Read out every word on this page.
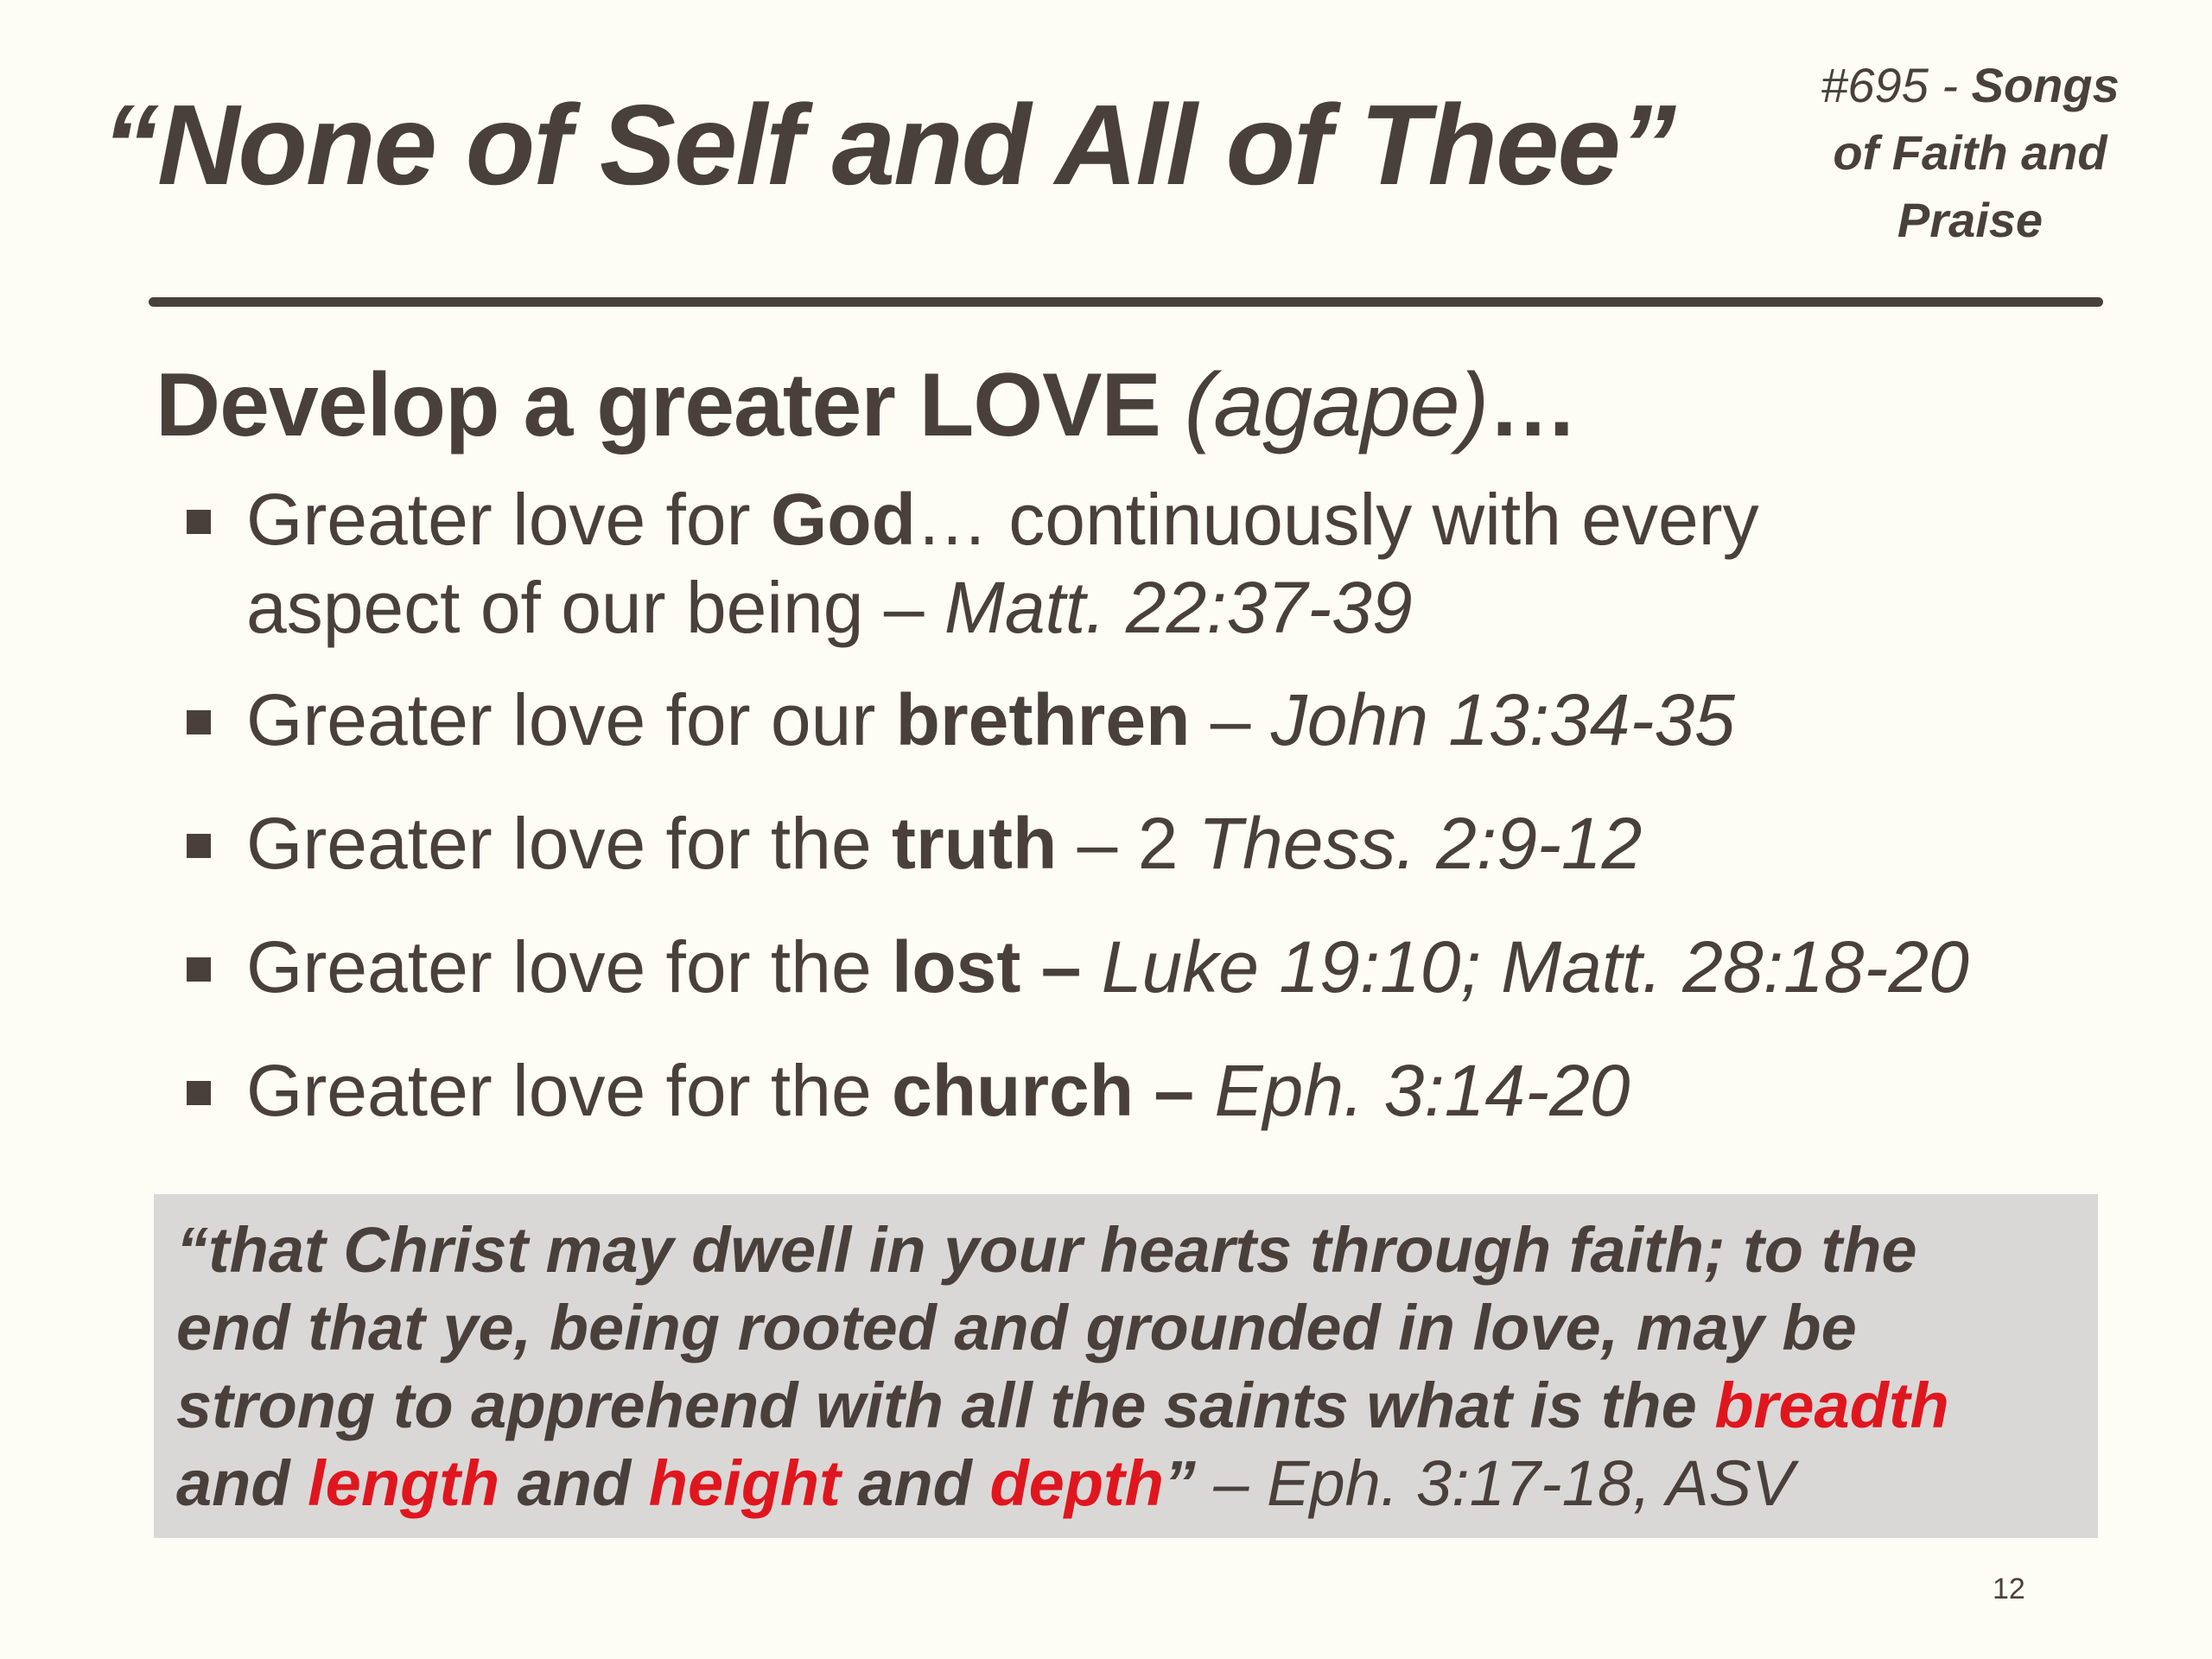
“None of Self and All of Thee”	#695 - Songs
of Faith and
Praise
Develop a greater LOVE (agape)…
Greater love for God… continuously with every
aspect of our being – Matt. 22:37-39
Greater love for our brethren – John 13:34-35
Greater love for the truth – 2 Thess. 2:9-12
Greater love for the lost – Luke 19:10; Matt. 28:18-20
Greater love for the church – Eph. 3:14-20
“that Christ may dwell in your hearts through faith; to the
end that ye, being rooted and grounded in love, may be
strong to apprehend with all the saints what is the breadth
and length and height and depth” – Eph. 3:17-18, ASV
12
